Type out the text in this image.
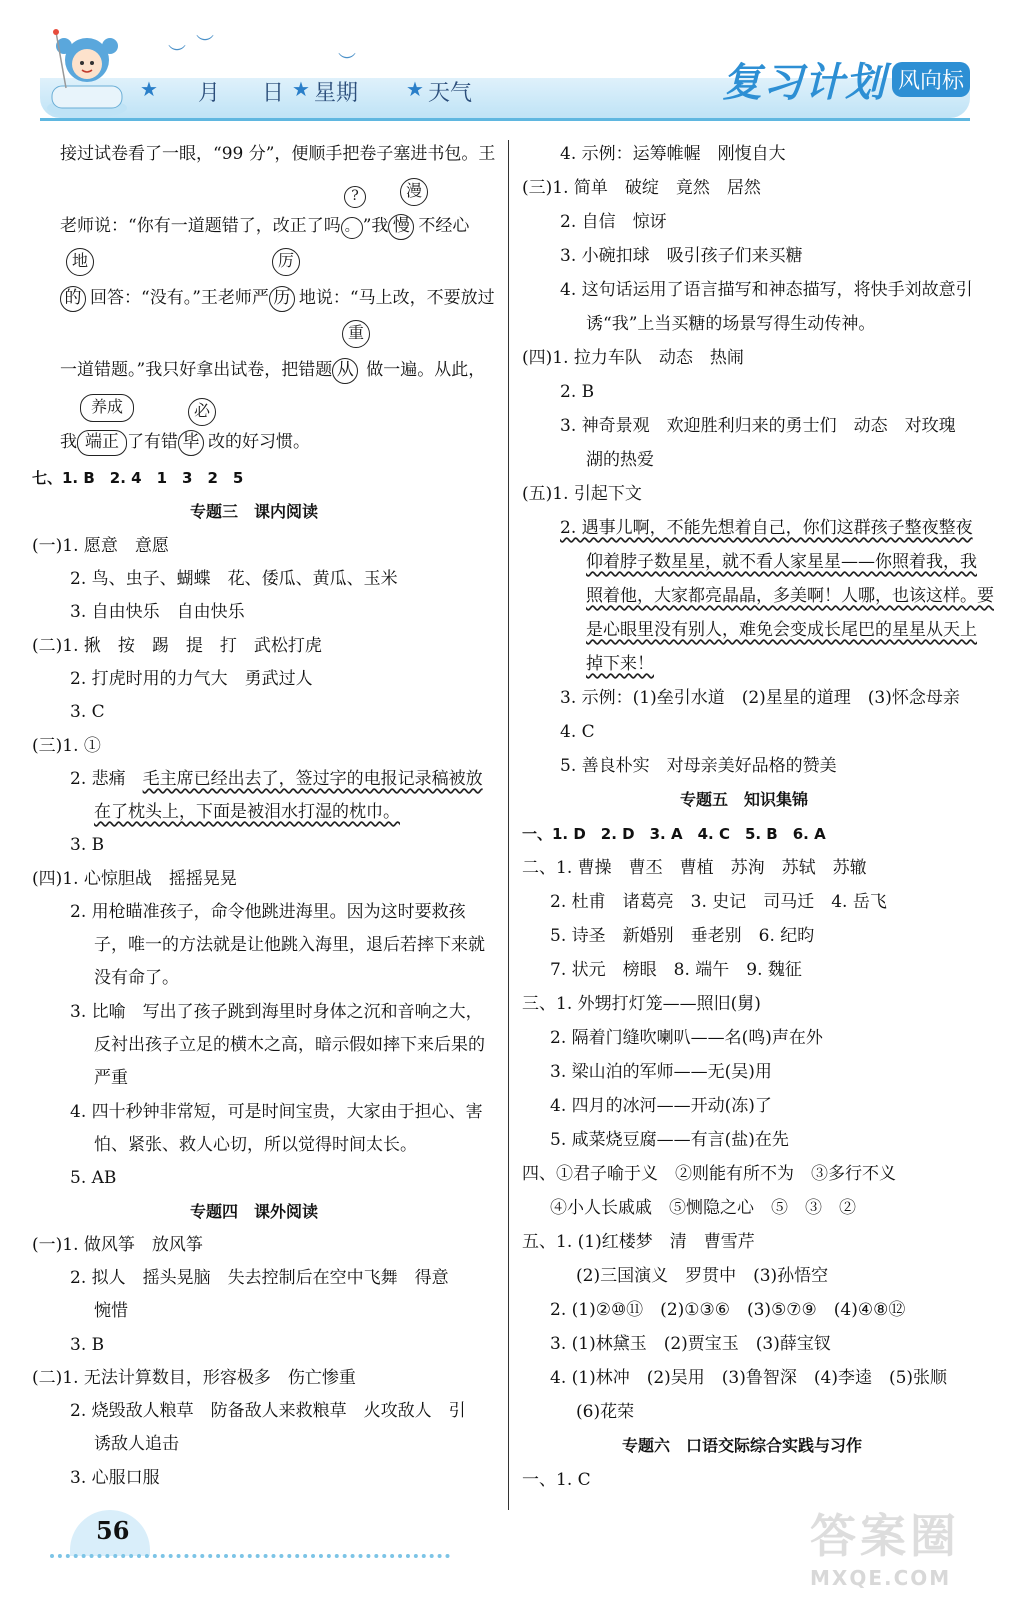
︶ ︶
︶
★ 月 日 ★ 星期 ★ 天气	复习计划 风向标
接过试卷看了一眼，“99 分”，便顺手把卷子塞进书包。王
老师说：“你有一道题错了，改正了吗 。 ”我 慢 不经心
?	漫
的 回答：“没有。”王老师严 历 地说：“马上改，不要放过
地	厉
一道错题。”我只好拿出试卷，把错题 从 做一遍。从此，
重
我 端正 了有错 毕 改的好习惯。
养成	必
七、1. B　2. 4　1　3　2　5
专题三　课内阅读
(一)1. 愿意　意愿
2. 鸟、虫子、蝴蝶　花、倭瓜、黄瓜、玉米
3. 自由快乐　自由快乐
(二)1. 揪　按　踢　提　打　武松打虎
2. 打虎时用的力气大　勇武过人
3. C
(三)1. ①
2. 悲痛　毛主席已经出去了，签过字的电报记录稿被放
在了枕头上，下面是被泪水打湿的枕巾。
3. B
(四)1. 心惊胆战　摇摇晃晃
2. 用枪瞄准孩子，命令他跳进海里。因为这时要救孩
子，唯一的方法就是让他跳入海里，退后若摔下来就
没有命了。
3. 比喻　写出了孩子跳到海里时身体之沉和音响之大，
反衬出孩子立足的横木之高，暗示假如摔下来后果的
严重
4. 四十秒钟非常短，可是时间宝贵，大家由于担心、害
怕、紧张、救人心切，所以觉得时间太长。
5. AB
专题四　课外阅读
(一)1. 做风筝　放风筝
2. 拟人　摇头晃脑　失去控制后在空中飞舞　得意
惋惜
3. B
(二)1. 无法计算数目，形容极多　伤亡惨重
2. 烧毁敌人粮草　防备敌人来救粮草　火攻敌人　引
诱敌人追击
3. 心服口服
4. 示例：运筹帷幄　刚愎自大
(三)1. 简单　破绽　竟然　居然
2. 自信　惊讶
3. 小碗扣球　吸引孩子们来买糖
4. 这句话运用了语言描写和神态描写，将快手刘故意引
诱“我”上当买糖的场景写得生动传神。
(四)1. 拉力车队　动态　热闹
2. B
3. 神奇景观　欢迎胜利归来的勇士们　动态　对玫瑰
湖的热爱
(五)1. 引起下文
2. 遇事儿啊，不能先想着自己，你们这群孩子整夜整夜
仰着脖子数星星，就不看人家星星——你照着我，我
照着他，大家都亮晶晶，多美啊！人哪，也该这样。要
是心眼里没有别人，难免会变成长尾巴的星星从天上
掉下来！
3. 示例：(1)垒引水道　(2)星星的道理　(3)怀念母亲
4. C
5. 善良朴实　对母亲美好品格的赞美
专题五　知识集锦
一、1. D　2. D　3. A　4. C　5. B　6. A
二、1. 曹操　曹丕　曹植　苏洵　苏轼　苏辙
2. 杜甫　诸葛亮　3. 史记　司马迁　4. 岳飞
5. 诗圣　新婚别　垂老别　6. 纪昀
7. 状元　榜眼　8. 端午　9. 魏征
三、1. 外甥打灯笼——照旧(舅)
2. 隔着门缝吹喇叭——名(鸣)声在外
3. 梁山泊的军师——无(吴)用
4. 四月的冰河——开动(冻)了
5. 咸菜烧豆腐——有言(盐)在先
四、①君子喻于义　②则能有所不为　③多行不义
④小人长戚戚　⑤恻隐之心　⑤　③　②
五、1. (1)红楼梦　清　曹雪芹
(2)三国演义　罗贯中　(3)孙悟空
2. (1)②⑩⑪　(2)①③⑥　(3)⑤⑦⑨　(4)④⑧⑫
3. (1)林黛玉　(2)贾宝玉　(3)薛宝钗
4. (1)林冲　(2)吴用　(3)鲁智深　(4)李逵　(5)张顺
(6)花荣
专题六　口语交际综合实践与习作
一、1. C
56	答案圈
MXQE.COM
